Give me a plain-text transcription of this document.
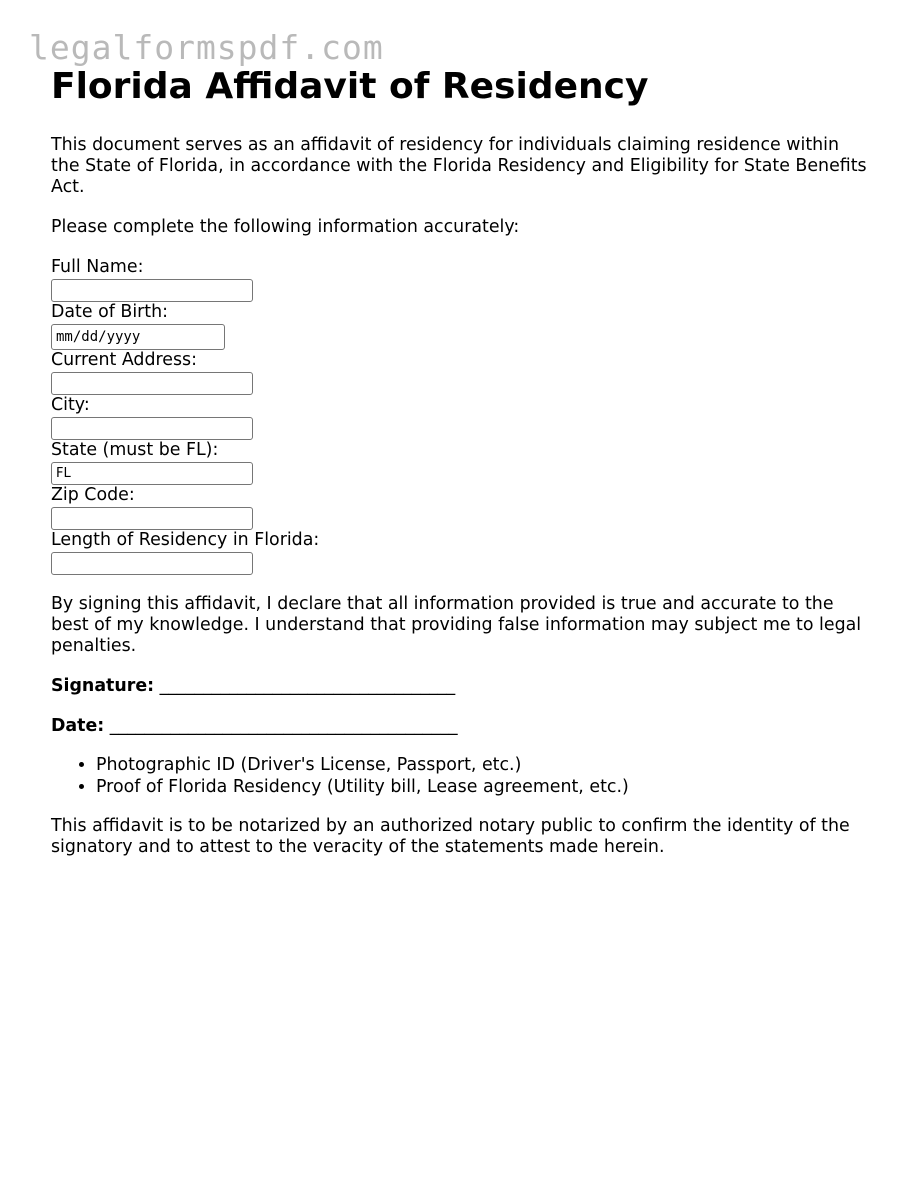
legalformspdf.com
Florida Affidavit of Residency

This document serves as an affidavit of residency for individuals claiming residence within the State of Florida, in accordance with the Florida Residency and Eligibility for State Benefits Act.

Please complete the following information accurately:

Full Name:
Date of Birth:
mm/dd/yyyy
Current Address:
City:
State (must be FL):
FL
Zip Code:
Length of Residency in Florida:

By signing this affidavit, I declare that all information provided is true and accurate to the best of my knowledge. I understand that providing false information may subject me to legal penalties.

Signature: __________________________________

Date: ________________________________________

• Photographic ID (Driver's License, Passport, etc.)
• Proof of Florida Residency (Utility bill, Lease agreement, etc.)

This affidavit is to be notarized by an authorized notary public to confirm the identity of the signatory and to attest to the veracity of the statements made herein.
